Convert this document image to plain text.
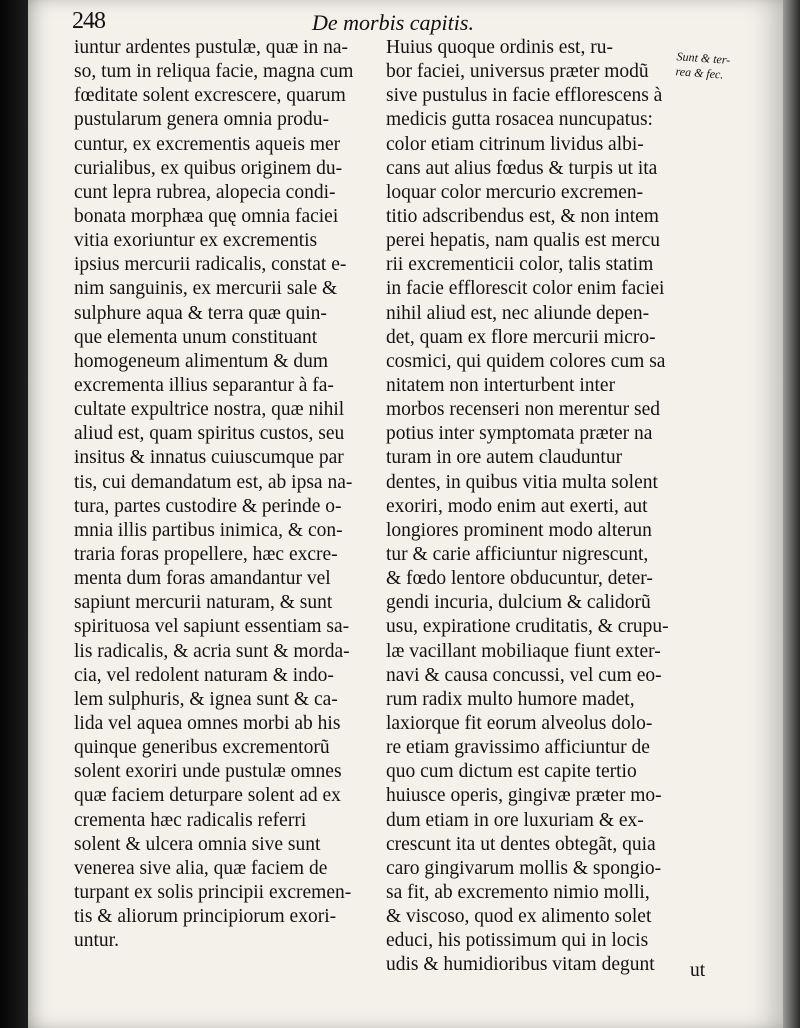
248	De morbis capitis.
iuntur ardentes pustulæ, quæ in na-
so, tum in reliqua facie, magna cum
fœditate solent excrescere, quarum
pustularum genera omnia produ-
cuntur, ex excrementis aqueis mer
curialibus, ex quibus originem du-
cunt lepra rubrea, alopecia condi-
bonata morphæa quę omnia faciei
vitia exoriuntur ex excrementis
ipsius mercurii radicalis, constat e-
nim sanguinis, ex mercurii sale &
sulphure aqua & terra quæ quin-
que elementa unum constituant
homogeneum alimentum & dum
excrementa illius separantur à fa-
cultate expultrice nostra, quæ nihil
aliud est, quam spiritus custos, seu
insitus & innatus cuiuscumque par
tis, cui demandatum est, ab ipsa na-
tura, partes custodire & perinde o-
mnia illis partibus inimica, & con-
traria foras propellere, hæc excre-
menta dum foras amandantur vel
sapiunt mercurii naturam, & sunt
spirituosa vel sapiunt essentiam sa-
lis radicalis, & acria sunt & morda-
cia, vel redolent naturam & indo-
lem sulphuris, & ignea sunt & ca-
lida vel aquea omnes morbi ab his
quinque generibus excrementorũ
solent exoriri unde pustulæ omnes
quæ faciem deturpare solent ad ex
crementa hæc radicalis referri
solent & ulcera omnia sive sunt
venerea sive alia, quæ faciem de
turpant ex solis principii excremen-
tis & aliorum principiorum exori-
untur.
Huius quoque ordinis est, ru-
bor faciei, universus præter modũ
sive pustulus in facie efflorescens à
medicis gutta rosacea nuncupatus:
color etiam citrinum lividus albi-
cans aut alius fœdus & turpis ut ita
loquar color mercurio excremen-
titio adscribendus est, & non intem
perei hepatis, nam qualis est mercu
rii excrementicii color, talis statim
in facie efflorescit color enim faciei
nihil aliud est, nec aliunde depen-
det, quam ex flore mercurii micro-
cosmici, qui quidem colores cum sa
nitatem non interturbent inter
morbos recenseri non merentur sed
potius inter symptomata præter na
turam in ore autem clauduntur
dentes, in quibus vitia multa solent
exoriri, modo enim aut exerti, aut
longiores prominent modo alterun
tur & carie afficiuntur nigrescunt,
& fœdo lentore obducuntur, deter-
gendi incuria, dulcium & calidorũ
usu, expiratione cruditatis, & crupu-
læ vacillant mobiliaque fiunt exter-
navi & causa concussi, vel cum eo-
rum radix multo humore madet,
laxiorque fit eorum alveolus dolo-
re etiam gravissimo afficiuntur de
quo cum dictum est capite tertio
huiusce operis, gingivæ præter mo-
dum etiam in ore luxuriam & ex-
crescunt ita ut dentes obtegãt, quia
caro gingivarum mollis & spongio-
sa fit, ab excremento nimio molli,
& viscoso, quod ex alimento solet
educi, his potissimum qui in locis
udis & humidioribus vitam degunt
Sunt & ter-
rea & fec.
ut
